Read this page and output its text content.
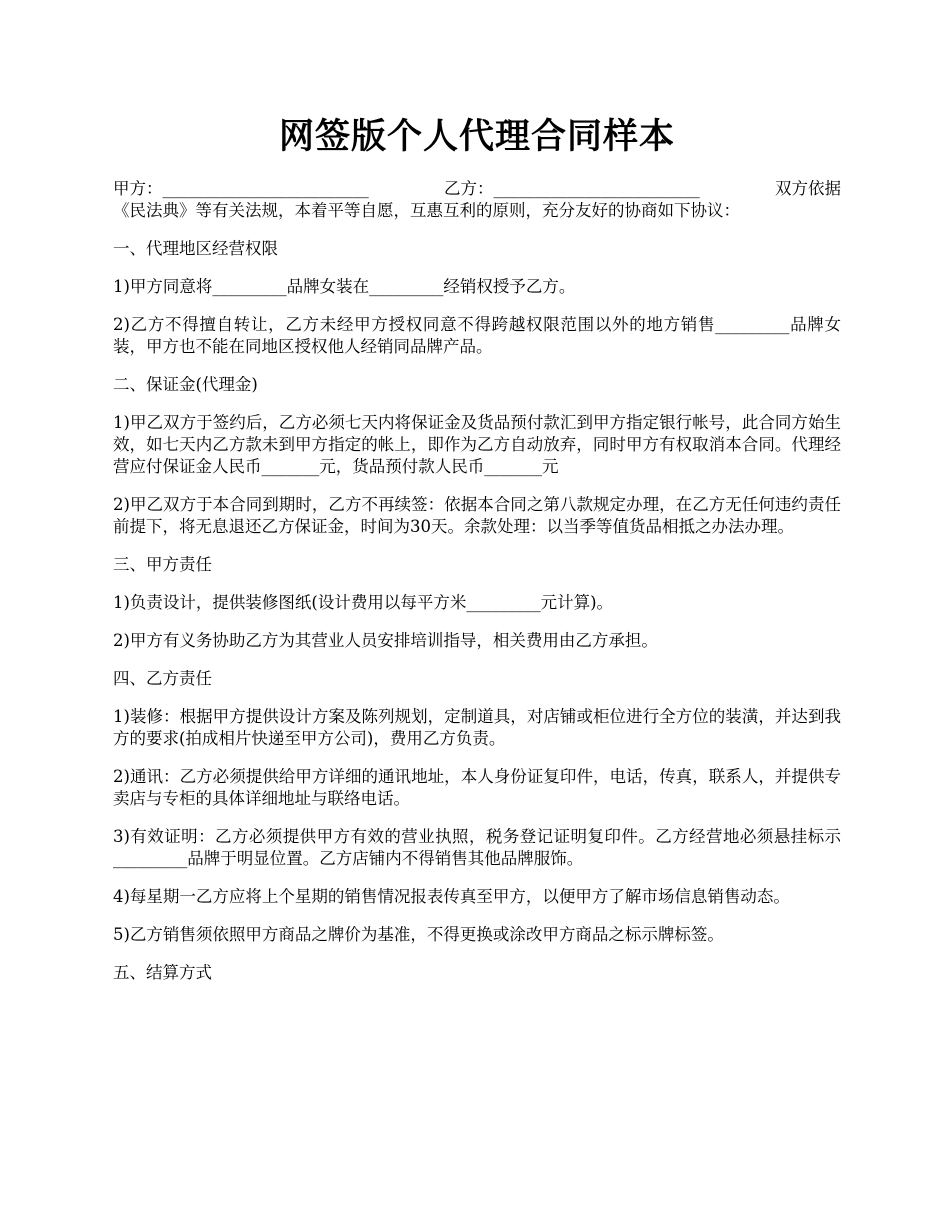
网签版个人代理合同样本
甲方：_________________________	乙方：_________________________	双方依据

《民法典》等有关法规，本着平等自愿，互惠互利的原则，充分友好的协商如下协议：

一、代理地区经营权限

1)甲方同意将_________品牌女装在_________经销权授予乙方。

2)乙方不得擅自转让，乙方未经甲方授权同意不得跨越权限范围以外的地方销售_________品牌女装，甲方也不能在同地区授权他人经销同品牌产品。

二、保证金(代理金)

1)甲乙双方于签约后，乙方必须七天内将保证金及货品预付款汇到甲方指定银行帐号，此合同方始生效，如七天内乙方款未到甲方指定的帐上，即作为乙方自动放弃，同时甲方有权取消本合同。代理经营应付保证金人民币_______元，货品预付款人民币_______元

2)甲乙双方于本合同到期时，乙方不再续签：依据本合同之第八款规定办理，在乙方无任何违约责任前提下，将无息退还乙方保证金，时间为30天。余款处理：以当季等值货品相抵之办法办理。

三、甲方责任

1)负责设计，提供装修图纸(设计费用以每平方米_________元计算)。

2)甲方有义务协助乙方为其营业人员安排培训指导，相关费用由乙方承担。

四、乙方责任

1)装修：根据甲方提供设计方案及陈列规划，定制道具，对店铺或柜位进行全方位的装潢，并达到我方的要求(拍成相片快递至甲方公司)，费用乙方负责。

2)通讯：乙方必须提供给甲方详细的通讯地址，本人身份证复印件，电话，传真，联系人，并提供专卖店与专柜的具体详细地址与联络电话。

3)有效证明：乙方必须提供甲方有效的营业执照，税务登记证明复印件。乙方经营地必须悬挂标示_________品牌于明显位置。乙方店铺内不得销售其他品牌服饰。

4)每星期一乙方应将上个星期的销售情况报表传真至甲方，以便甲方了解市场信息销售动态。

5)乙方销售须依照甲方商品之牌价为基准，不得更换或涂改甲方商品之标示牌标签。

五、结算方式
